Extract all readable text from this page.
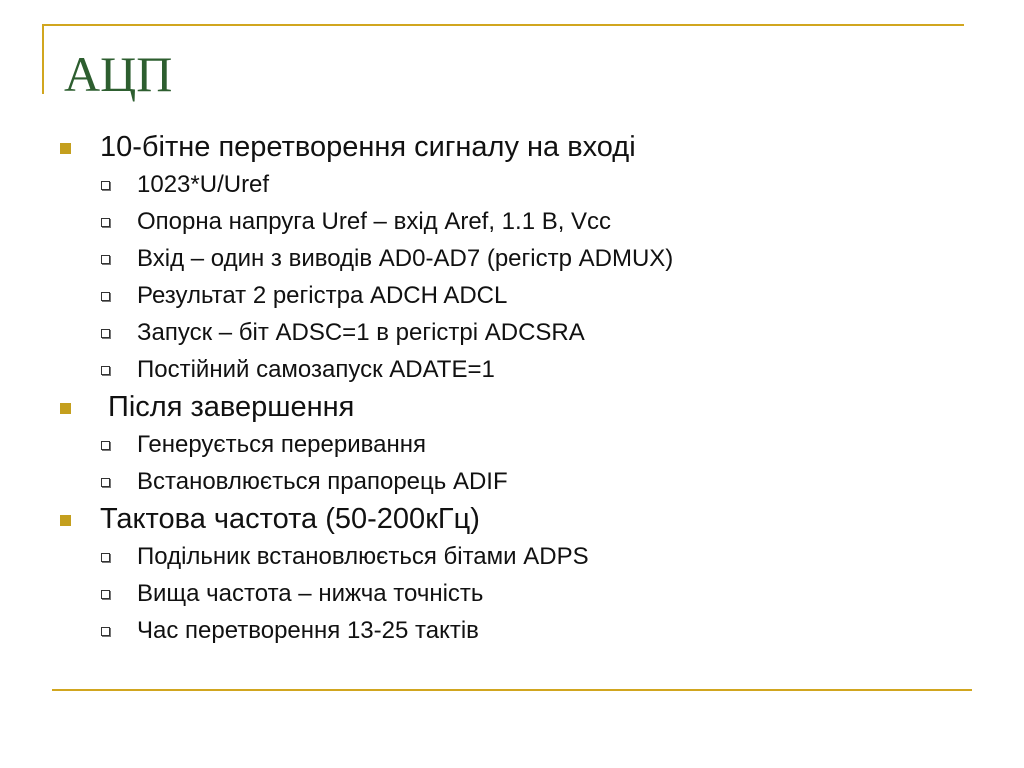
АЦП
10-бітне перетворення сигналу на вході
1023*U/Uref
Опорна напруга Uref – вхід Aref, 1.1 В, Vcc
Вхід – один з виводів AD0-AD7 (регістр ADMUX)
Результат 2 регістра ADCH ADCL
Запуск – біт ADSC=1 в регістрі ADCSRA
Постійний самозапуск ADATE=1
Після завершення
Генерується переривання
Встановлюється прапорець ADIF
Тактова частота (50-200кГц)
Подільник встановлюється бітами ADPS
Вища частота – нижча точність
Час перетворення 13-25 тактів
